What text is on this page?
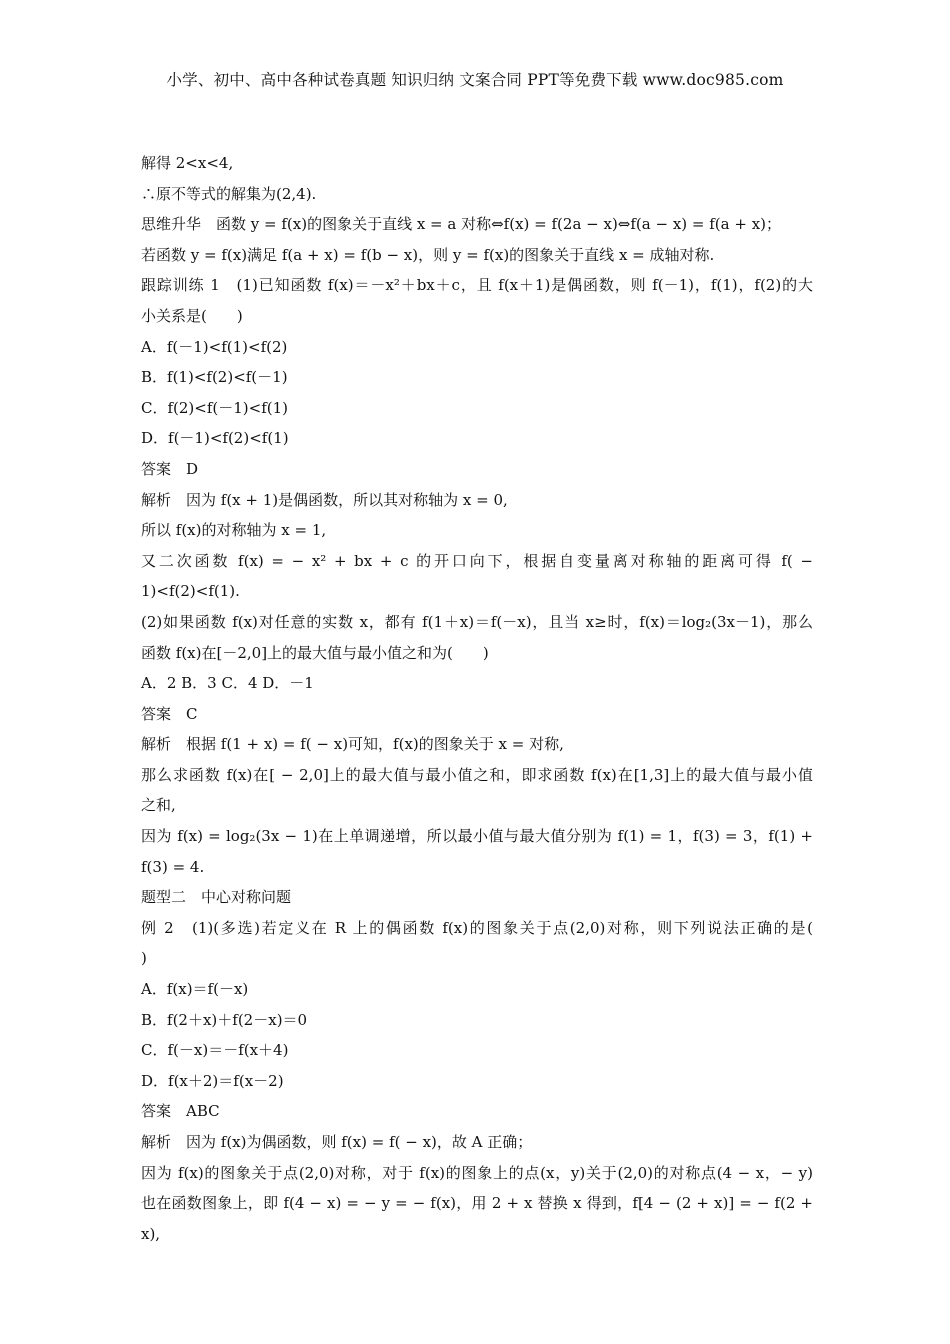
小学、初中、高中各种试卷真题 知识归纳 文案合同 PPT等免费下载 www.doc985.com
解得 2<x<4,
∴原不等式的解集为(2,4).
思维升华　函数 y = f(x)的图象关于直线 x = a 对称⇔f(x) = f(2a − x)⇔f(a − x) = f(a + x)；
若函数 y = f(x)满足 f(a + x) = f(b − x)，则 y = f(x)的图象关于直线 x = 成轴对称.
跟踪训练 1　(1)已知函数 f(x)＝－x²＋bx＋c，且 f(x＋1)是偶函数，则 f(－1)，f(1)，f(2)的大
小关系是(　　)
A．f(－1)<f(1)<f(2)
B．f(1)<f(2)<f(－1)
C．f(2)<f(－1)<f(1)
D．f(－1)<f(2)<f(1)
答案　D
解析　因为 f(x + 1)是偶函数，所以其对称轴为 x = 0,
所以 f(x)的对称轴为 x = 1,
又二次函数 f(x) = − x² + bx + c 的开口向下，根据自变量离对称轴的距离可得 f( −
1)<f(2)<f(1).
(2)如果函数 f(x)对任意的实数 x，都有 f(1＋x)＝f(－x)，且当 x≥时，f(x)＝log₂(3x－1)，那么
函数 f(x)在[－2,0]上的最大值与最小值之和为(　　)
A．2 B．3 C．4 D．－1
答案　C
解析　根据 f(1 + x) = f( − x)可知，f(x)的图象关于 x = 对称,
那么求函数 f(x)在[ − 2,0]上的最大值与最小值之和，即求函数 f(x)在[1,3]上的最大值与最小值
之和,
因为 f(x) = log₂(3x − 1)在上单调递增，所以最小值与最大值分别为 f(1) = 1，f(3) = 3，f(1) +
f(3) = 4.
题型二　中心对称问题
例 2　(1)(多选)若定义在 R 上的偶函数 f(x)的图象关于点(2,0)对称，则下列说法正确的是(
)
A．f(x)＝f(－x)
B．f(2＋x)＋f(2－x)＝0
C．f(－x)＝－f(x＋4)
D．f(x＋2)＝f(x－2)
答案　ABC
解析　因为 f(x)为偶函数，则 f(x) = f( − x)，故 A 正确；
因为 f(x)的图象关于点(2,0)对称，对于 f(x)的图象上的点(x，y)关于(2,0)的对称点(4 − x，− y)
也在函数图象上，即 f(4 − x) = − y = − f(x)，用 2 + x 替换 x 得到，f[4 − (2 + x)] = − f(2 + x),
